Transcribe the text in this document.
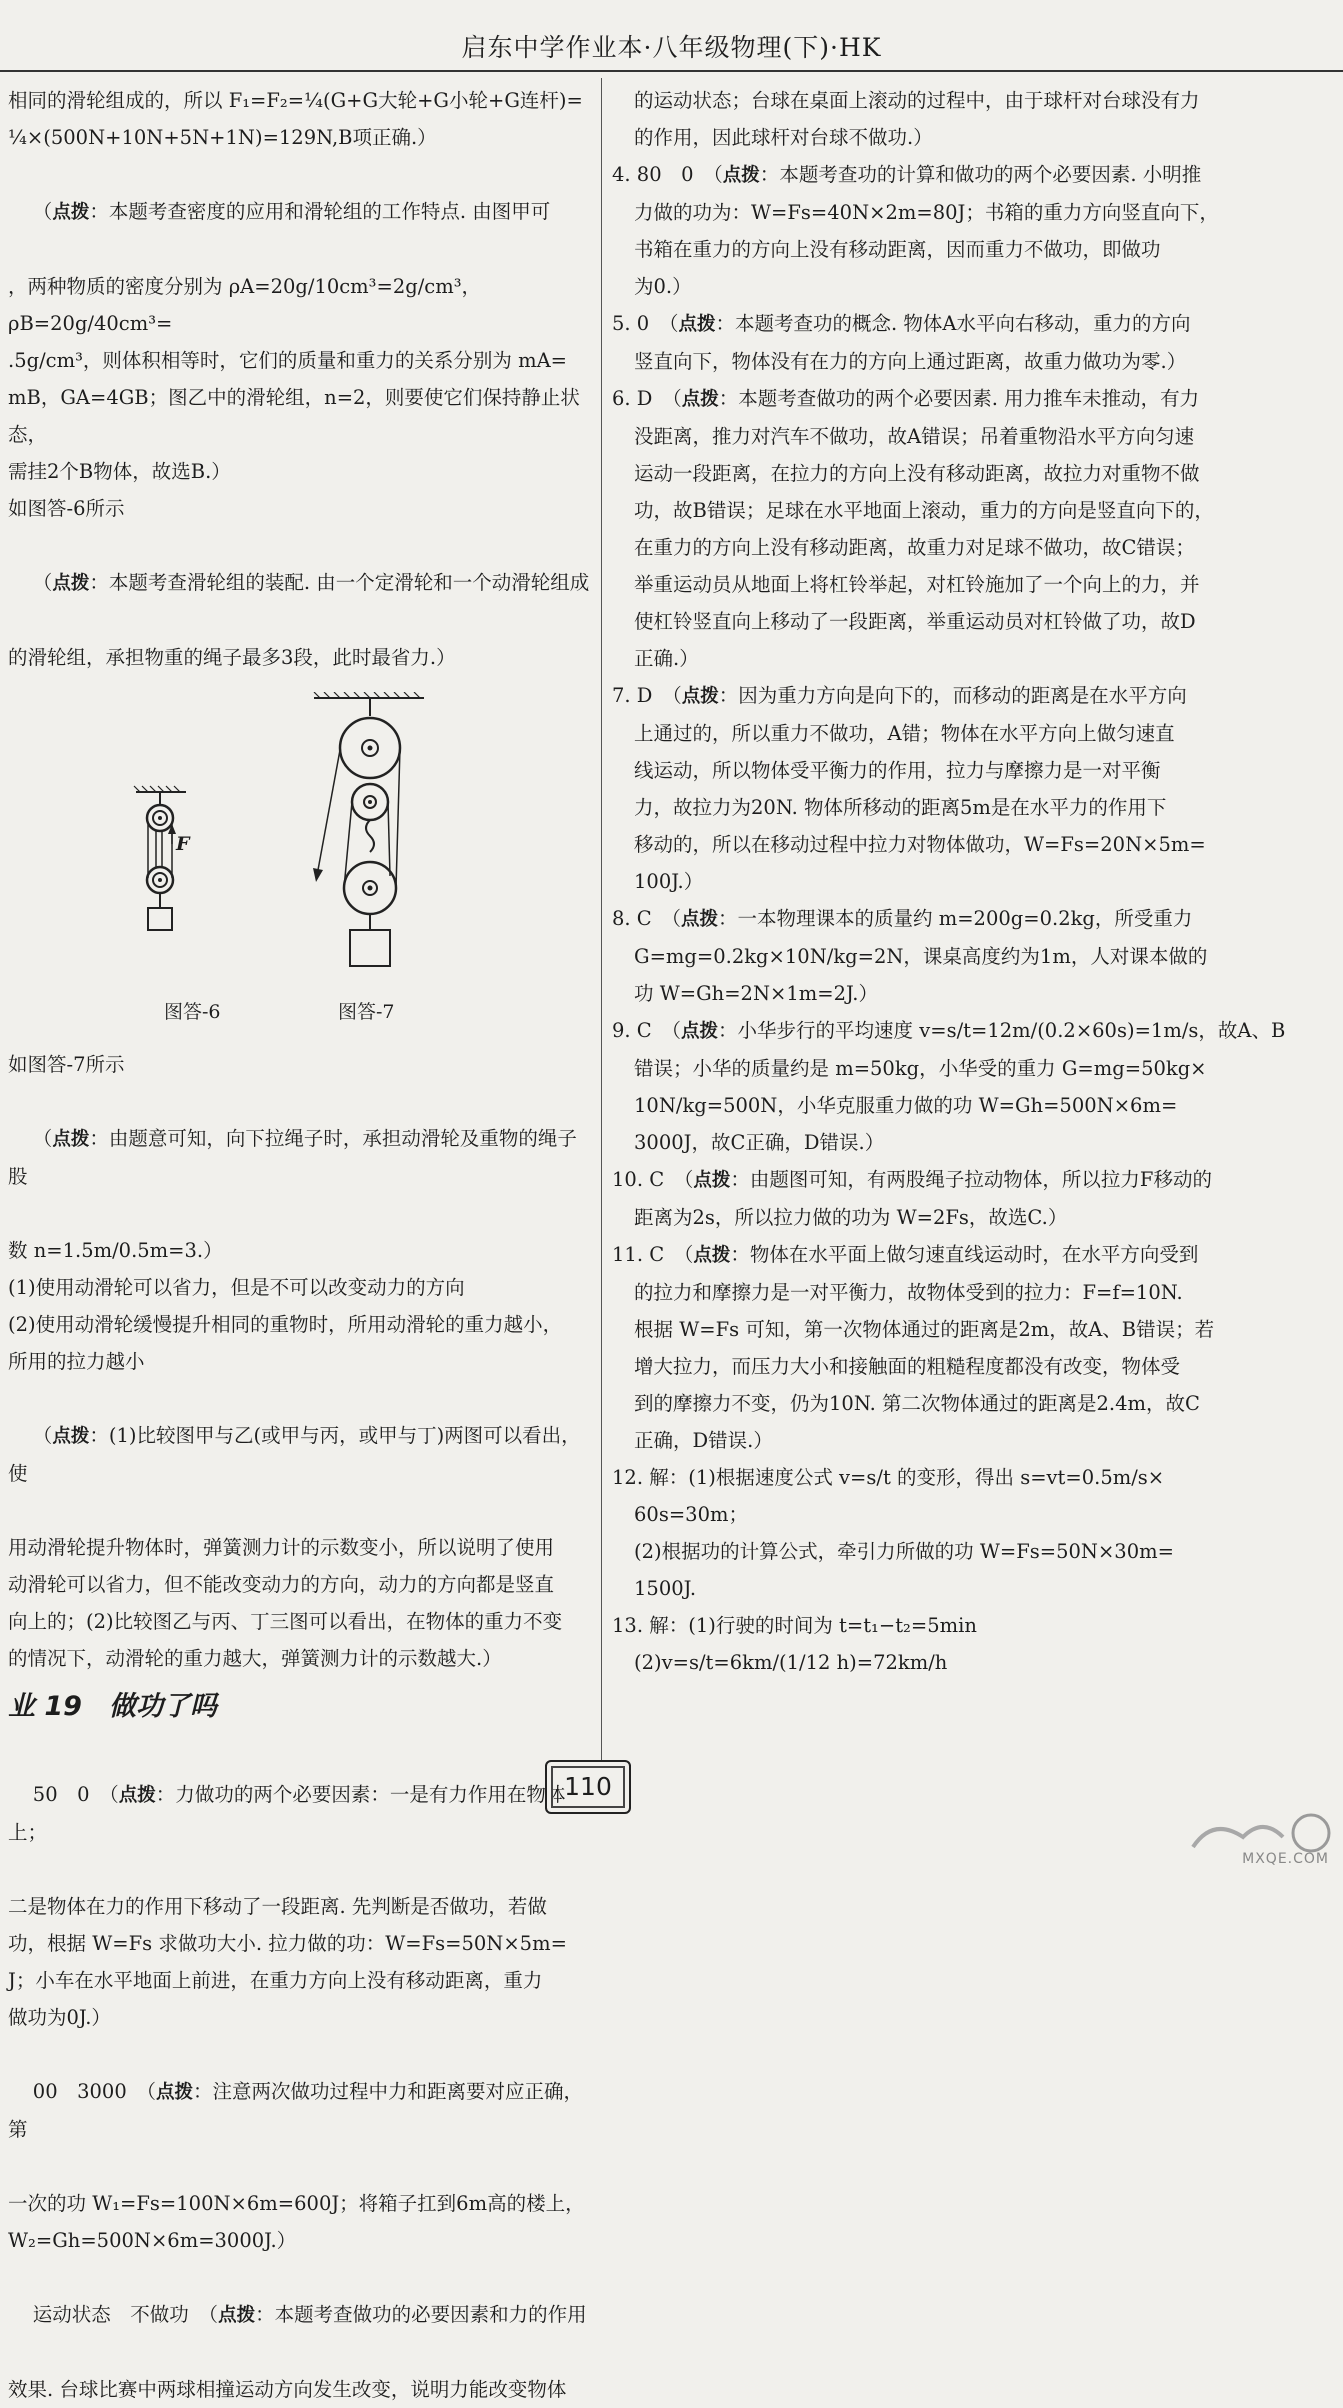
启东中学作业本·八年级物理(下)·HK

相同的滑轮组成的，所以 F₁=F₂=¼(G+G大轮+G小轮+G连杆)=

¼×(500N+10N+5N+1N)=129N,B项正确.）

（点拨：本题考查密度的应用和滑轮组的工作特点. 由图甲可

，两种物质的密度分别为 ρA=20g/10cm³=2g/cm³，ρB=20g/40cm³=

.5g/cm³，则体积相等时，它们的质量和重力的关系分别为 mA=

mB，GA=4GB；图乙中的滑轮组，n=2，则要使它们保持静止状态，

需挂2个B物体，故选B.）

如图答-6所示

（点拨：本题考查滑轮组的装配. 由一个定滑轮和一个动滑轮组成

的滑轮组，承担物重的绳子最多3段，此时最省力.）

F
图答-6	图答-7

如图答-7所示

（点拨：由题意可知，向下拉绳子时，承担动滑轮及重物的绳子股

数 n=1.5m/0.5m=3.）

(1)使用动滑轮可以省力，但是不可以改变动力的方向

(2)使用动滑轮缓慢提升相同的重物时，所用动滑轮的重力越小，

所用的拉力越小

（点拨：(1)比较图甲与乙(或甲与丙，或甲与丁)两图可以看出，使

用动滑轮提升物体时，弹簧测力计的示数变小，所以说明了使用

动滑轮可以省力，但不能改变动力的方向，动力的方向都是竖直

向上的；(2)比较图乙与丙、丁三图可以看出，在物体的重力不变

的情况下，动滑轮的重力越大，弹簧测力计的示数越大.）

业 19　做功了吗

50　0　（点拨：力做功的两个必要因素：一是有力作用在物体上；

二是物体在力的作用下移动了一段距离. 先判断是否做功，若做

功，根据 W=Fs 求做功大小. 拉力做的功：W=Fs=50N×5m=

J；小车在水平地面上前进，在重力方向上没有移动距离，重力

做功为0J.）

00　3000　（点拨：注意两次做功过程中力和距离要对应正确，第

一次的功 W₁=Fs=100N×6m=600J；将箱子扛到6m高的楼上，

W₂=Gh=500N×6m=3000J.）

运动状态　不做功　（点拨：本题考查做功的必要因素和力的作用

效果. 台球比赛中两球相撞运动方向发生改变，说明力能改变物体

的运动状态；台球在桌面上滚动的过程中，由于球杆对台球没有力

的作用，因此球杆对台球不做功.）

4. 80　0　（点拨：本题考查功的计算和做功的两个必要因素. 小明推

力做的功为：W=Fs=40N×2m=80J；书箱的重力方向竖直向下，

书箱在重力的方向上没有移动距离，因而重力不做功，即做功

为0.）

5. 0　（点拨：本题考查功的概念. 物体A水平向右移动，重力的方向

竖直向下，物体没有在力的方向上通过距离，故重力做功为零.）

6. D　（点拨：本题考查做功的两个必要因素. 用力推车未推动，有力

没距离，推力对汽车不做功，故A错误；吊着重物沿水平方向匀速

运动一段距离，在拉力的方向上没有移动距离，故拉力对重物不做

功，故B错误；足球在水平地面上滚动，重力的方向是竖直向下的，

在重力的方向上没有移动距离，故重力对足球不做功，故C错误；

举重运动员从地面上将杠铃举起，对杠铃施加了一个向上的力，并

使杠铃竖直向上移动了一段距离，举重运动员对杠铃做了功，故D

正确.）

7. D　（点拨：因为重力方向是向下的，而移动的距离是在水平方向

上通过的，所以重力不做功，A错；物体在水平方向上做匀速直

线运动，所以物体受平衡力的作用，拉力与摩擦力是一对平衡

力，故拉力为20N. 物体所移动的距离5m是在水平力的作用下

移动的，所以在移动过程中拉力对物体做功，W=Fs=20N×5m=

100J.）

8. C　（点拨：一本物理课本的质量约 m=200g=0.2kg，所受重力

G=mg=0.2kg×10N/kg=2N，课桌高度约为1m，人对课本做的

功 W=Gh=2N×1m=2J.）

9. C　（点拨：小华步行的平均速度 v=s/t=12m/(0.2×60s)=1m/s，故A、B

错误；小华的质量约是 m=50kg，小华受的重力 G=mg=50kg×

10N/kg=500N，小华克服重力做的功 W=Gh=500N×6m=

3000J，故C正确，D错误.）

10. C　（点拨：由题图可知，有两股绳子拉动物体，所以拉力F移动的

距离为2s，所以拉力做的功为 W=2Fs，故选C.）

11. C　（点拨：物体在水平面上做匀速直线运动时，在水平方向受到

的拉力和摩擦力是一对平衡力，故物体受到的拉力：F=f=10N.

根据 W=Fs 可知，第一次物体通过的距离是2m，故A、B错误；若

增大拉力，而压力大小和接触面的粗糙程度都没有改变，物体受

到的摩擦力不变，仍为10N. 第二次物体通过的距离是2.4m，故C

正确，D错误.）

12. 解：(1)根据速度公式 v=s/t 的变形，得出 s=vt=0.5m/s×

60s=30m；

(2)根据功的计算公式，牵引力所做的功 W=Fs=50N×30m=

1500J.

13. 解：(1)行驶的时间为 t=t₁−t₂=5min

(2)v=s/t=6km/(1/12 h)=72km/h

110
MXQE.COM
